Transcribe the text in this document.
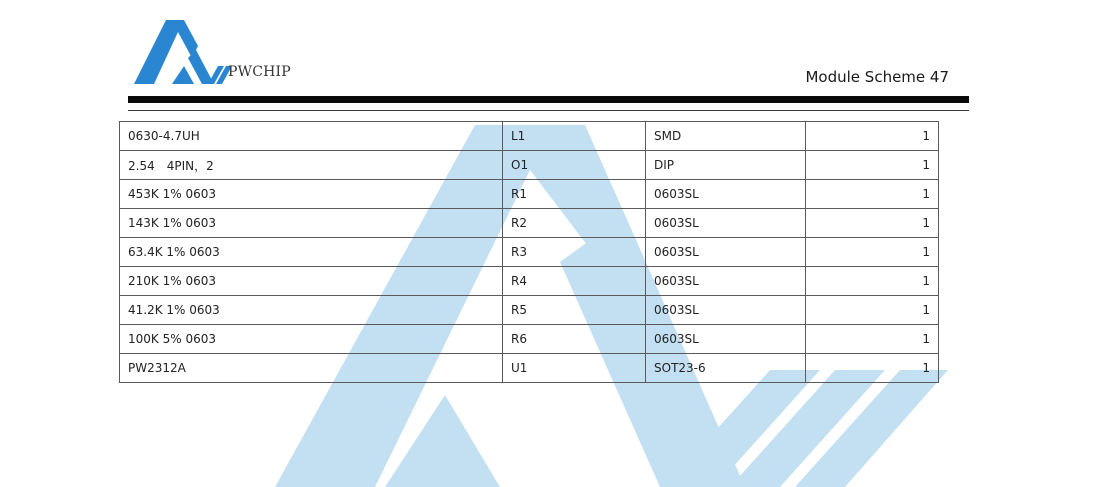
PWCHIP	Module Scheme 47
0630-4.7UH	L1	SMD	1
2.54　4PIN，2	O1	DIP	1
453K 1% 0603	R1	0603SL	1
143K 1% 0603	R2	0603SL	1
63.4K 1% 0603	R3	0603SL	1
210K 1% 0603	R4	0603SL	1
41.2K 1% 0603	R5	0603SL	1
100K 5% 0603	R6	0603SL	1
PW2312A	U1	SOT23-6	1
